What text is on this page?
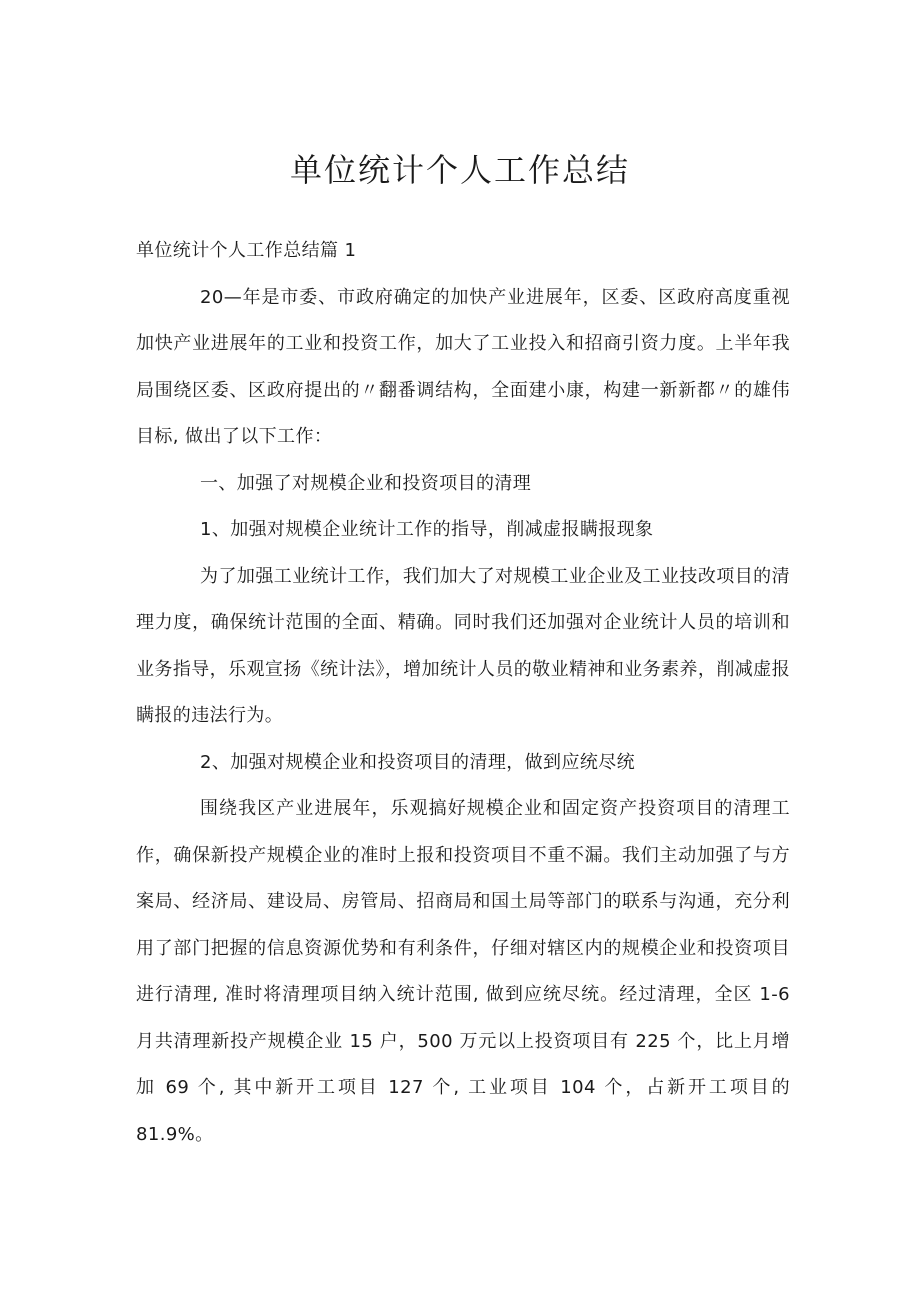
单位统计个人工作总结

单位统计个人工作总结篇 1

20—年是市委、市政府确定的加快产业进展年，区委、区政府高度重视加快产业进展年的工业和投资工作，加大了工业投入和招商引资力度。上半年我局围绕区委、区政府提出的〃翻番调结构，全面建小康，构建一新新都〃的雄伟目标, 做出了以下工作：

一、加强了对规模企业和投资项目的清理

1、加强对规模企业统计工作的指导，削减虚报瞒报现象

为了加强工业统计工作，我们加大了对规模工业企业及工业技改项目的清理力度，确保统计范围的全面、精确。同时我们还加强对企业统计人员的培训和业务指导，乐观宣扬《统计法》，增加统计人员的敬业精神和业务素养，削减虚报瞒报的违法行为。

2、加强对规模企业和投资项目的清理，做到应统尽统

围绕我区产业进展年，乐观搞好规模企业和固定资产投资项目的清理工作，确保新投产规模企业的准时上报和投资项目不重不漏。我们主动加强了与方案局、经济局、建设局、房管局、招商局和国土局等部门的联系与沟通，充分利用了部门把握的信息资源优势和有利条件，仔细对辖区内的规模企业和投资项目进行清理, 准时将清理项目纳入统计范围, 做到应统尽统。经过清理，全区 1-6 月共清理新投产规模企业 15 户，500 万元以上投资项目有 225 个，比上月增加 69 个, 其中新开工项目 127 个, 工业项目 104 个，占新开工项目的 81.9%。
